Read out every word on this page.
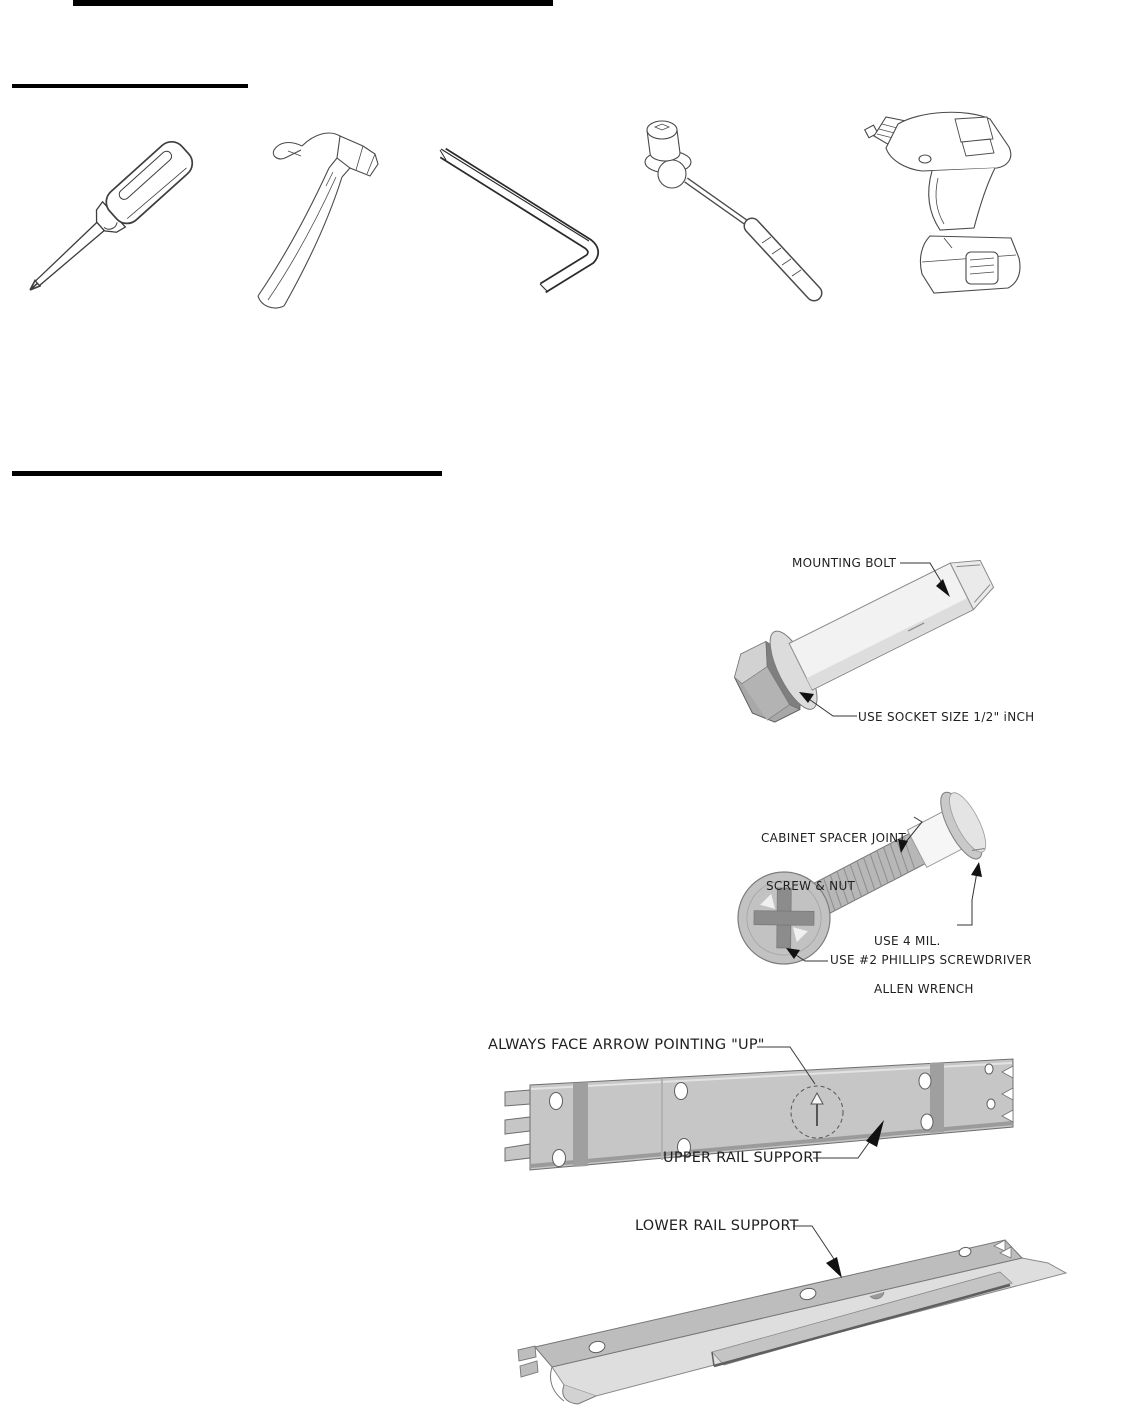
MOUNTING BOLT
USE SOCKET SIZE 1/2" iNCH

CABINET SPACER JOINT

SCREW & NUT

USE 4 MIL.

ALLEN WRENCH

USE #2 PHILLIPS SCREWDRIVER
ALWAYS FACE ARROW POINTING "UP"
UPPER RAIL SUPPORT
LOWER RAIL SUPPORT
